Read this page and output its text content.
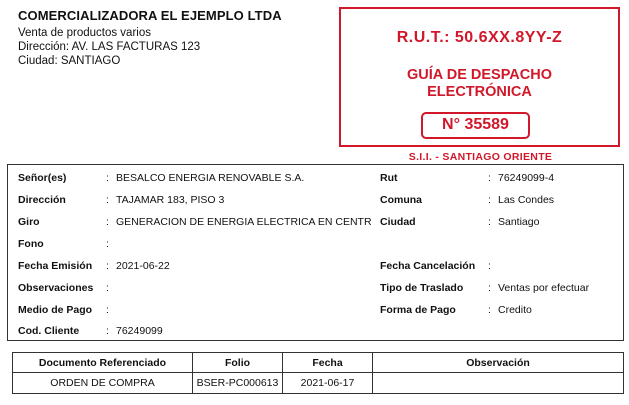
COMERCIALIZADORA EL EJEMPLO LTDA
Venta de productos varios
Dirección: AV. LAS FACTURAS 123
Ciudad: SANTIAGO
R.U.T.: 50.6XX.8YY-Z
GUÍA DE DESPACHO
ELECTRÓNICA
N° 35589
S.I.I. - SANTIAGO ORIENTE
Señor(es)	: BESALCO ENERGIA RENOVABLE S.A.
Dirección	: TAJAMAR 183, PISO 3
Giro	: GENERACION DE ENERGIA ELECTRICA EN CENTR
Fono	:
Fecha Emisión : 2021-06-22
Observaciones :
Medio de Pago :
Cod. Cliente	: 76249099
Rut	: 76249099-4
Comuna	: Las Condes
Ciudad	: Santiago
Fecha Cancelación :
Tipo de Traslado : Ventas por efectuar
Forma de Pago	: Credito
Documento Referenciado	Folio	Fecha	Observación
ORDEN DE COMPRA	BSER-PC000613	2021-06-17	
